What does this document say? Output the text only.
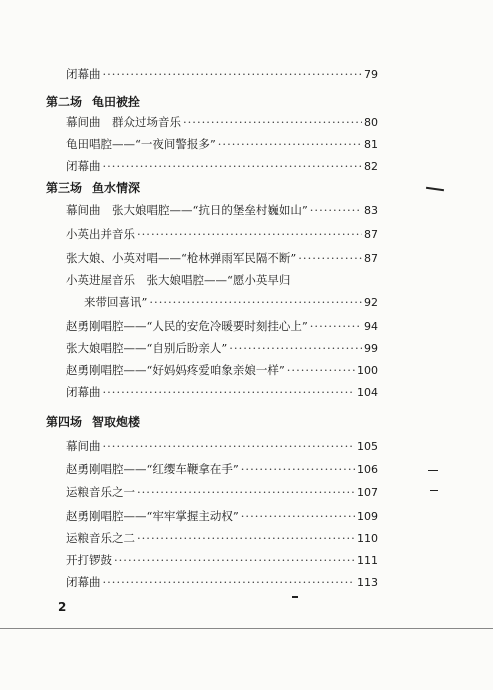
闭幕曲 ·····	79
第二场 龟田被拴
幕间曲　群众过场音乐 ·····	80
龟田唱腔——“一夜间警报多” ·····	81
闭幕曲 ·····	82
第三场 鱼水情深
幕间曲　张大娘唱腔——“抗日的堡垒村巍如山” ·····	83
小英出并音乐 ·····	87
张大娘、小英对唱——“枪林弹雨军民隔不断” ·····	87
小英进屋音乐　张大娘唱腔——“愿小英早归
来带回喜讯” ·····	92
赵勇刚唱腔——“人民的安危冷暖要时刻挂心上” ·····	94
张大娘唱腔——“自别后盼亲人” ·····	99
赵勇刚唱腔——“好妈妈疼爱咱象亲娘一样” ·····	100
闭幕曲 ·····	104
第四场 智取炮楼
幕间曲 ·····	105
赵勇刚唱腔——“红缨车鞭拿在手” ·····	106
运粮音乐之一 ·····	107
赵勇刚唱腔——“牢牢掌握主动权” ·····	109
运粮音乐之二 ·····	110
开打锣鼓 ·····	111
闭幕曲 ·····	113
2
